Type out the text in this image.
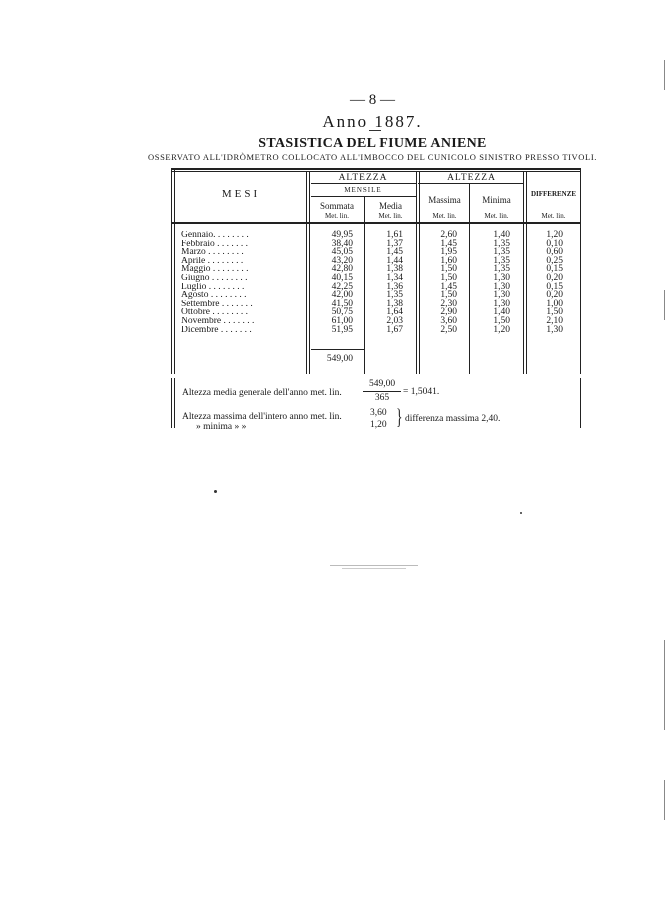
— 8 —
Anno 1887.
STASISTICA DEL FIUME ANIENE
OSSERVATO ALL'IDRÒMETRO COLLOCATO ALL'IMBOCCO DEL CUNICOLO SINISTRO PRESSO TIVOLI.
MESI
ALTEZZA
MENSILE
Sommata	Media
ALTEZZA
Massima	Minima
DIFFERENZE
Met. lin.	Met. lin.	Met. lin.	Met. lin.	Met. lin.
Gennaio. . . . . . . .	49,95	1,61	2,60	1,40	1,20
Febbraio . . . . . . .	38,40	1,37	1,45	1,35	0,10
Marzo . . . . . . . .	45,05	1,45	1,95	1,35	0,60
Aprile . . . . . . . .	43,20	1,44	1,60	1,35	0,25
Maggio . . . . . . . .	42,80	1,38	1,50	1,35	0,15
Giugno . . . . . . . .	40,15	1,34	1,50	1,30	0,20
Luglio . . . . . . . .	42,25	1,36	1,45	1,30	0,15
Agosto . . . . . . . .	42,00	1,35	1,50	1,30	0,20
Settembre . . . . . . .	41,50	1,38	2,30	1,30	1,00
Ottobre . . . . . . . .	50,75	1,64	2,90	1,40	1,50
Novembre . . . . . . .	61,00	2,03	3,60	1,50	2,10
Dicembre . . . . . . .	51,95	1,67	2,50	1,20	1,30
549,00
Altezza media generale dell'anno met. lin.
549,00
365
= 1,5041.
Altezza massima dell'intero anno met. lin.
» minima » »
3,60
1,20 } differenza massima 2,40.
